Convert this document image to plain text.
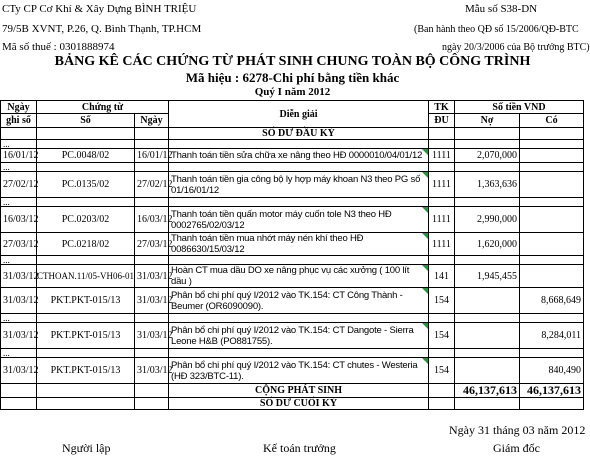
CTy CP Cơ Khí & Xây Dựng BÌNH TRIỆU
79/5B XVNT, P.26, Q. Bình Thạnh, TP.HCM
Mã số thuế : 0301888974
Mẫu số S38-DN
(Ban hành theo QĐ số 15/2006/QĐ-BTC
ngày 20/3/2006 của Bộ trưởng BTC)
BẢNG KÊ CÁC CHỨNG TỪ PHÁT SINH CHUNG TOÀN BỘ CÔNG TRÌNH
Mã hiệu : 6278-Chi phí bằng tiền khác
Quý I năm 2012
Ngày	Chứng từ		Diễn giải	TK	Số tiền VND	
ghi sổ	Số	Ngày		ĐU	Nợ	Có
			SỐ DƯ ĐẦU KỲ			

...						

16/01/12	PC.0048/02	16/01/12	Thanh toán tiền sửa chữa xe nâng theo HĐ 0000010/04/01/12	1111	2,070,000	

...						

27/02/12	PC.0135/02	27/02/12	Thanh toán tiền gia công bộ ly hợp máy khoan N3 theo PG số 01/16/01/12	1111	1,363,636	

...						

16/03/12	PC.0203/02	16/03/12	Thanh toán tiền quấn motor máy cuốn tole N3 theo HĐ 0002765/02/03/12	1111	2,990,000	
27/03/12	PC.0218/02	27/03/12	Thanh toán tiền mua nhớt máy nén khí theo HĐ 0086630/15/03/12	1111	1,620,000	

...						

31/03/12	CTHOAN.11/05-VH06-01	31/03/12	Hoàn CT mua dầu DO xe nâng phục vụ các xưởng ( 100 lít dầu )	141	1,945,455	
31/03/12	PKT.PKT-015/13	31/03/12	Phân bổ chi phí quý I/2012 vào TK.154: CT Công Thành - Beumer (OR6090090).	154		8,668,649

...						

31/03/12	PKT.PKT-015/13	31/03/12	Phân bổ chi phí quý I/2012 vào TK.154: CT Dangote - Sierra Leone H&B (PO881755).	154		8,284,011

...						

31/03/12	PKT.PKT-015/13	31/03/12	Phân bổ chi phí quý I/2012 vào TK.154: CT chutes - Westeria (HĐ 323/BTC-11).	154		840,490
			CỘNG PHÁT SINH		46,137,613	46,137,613
			SỐ DƯ CUỐI KỲ			
Ngày 31 tháng 03 năm 2012
Người lập	Kế toán trưởng	Giám đốc
